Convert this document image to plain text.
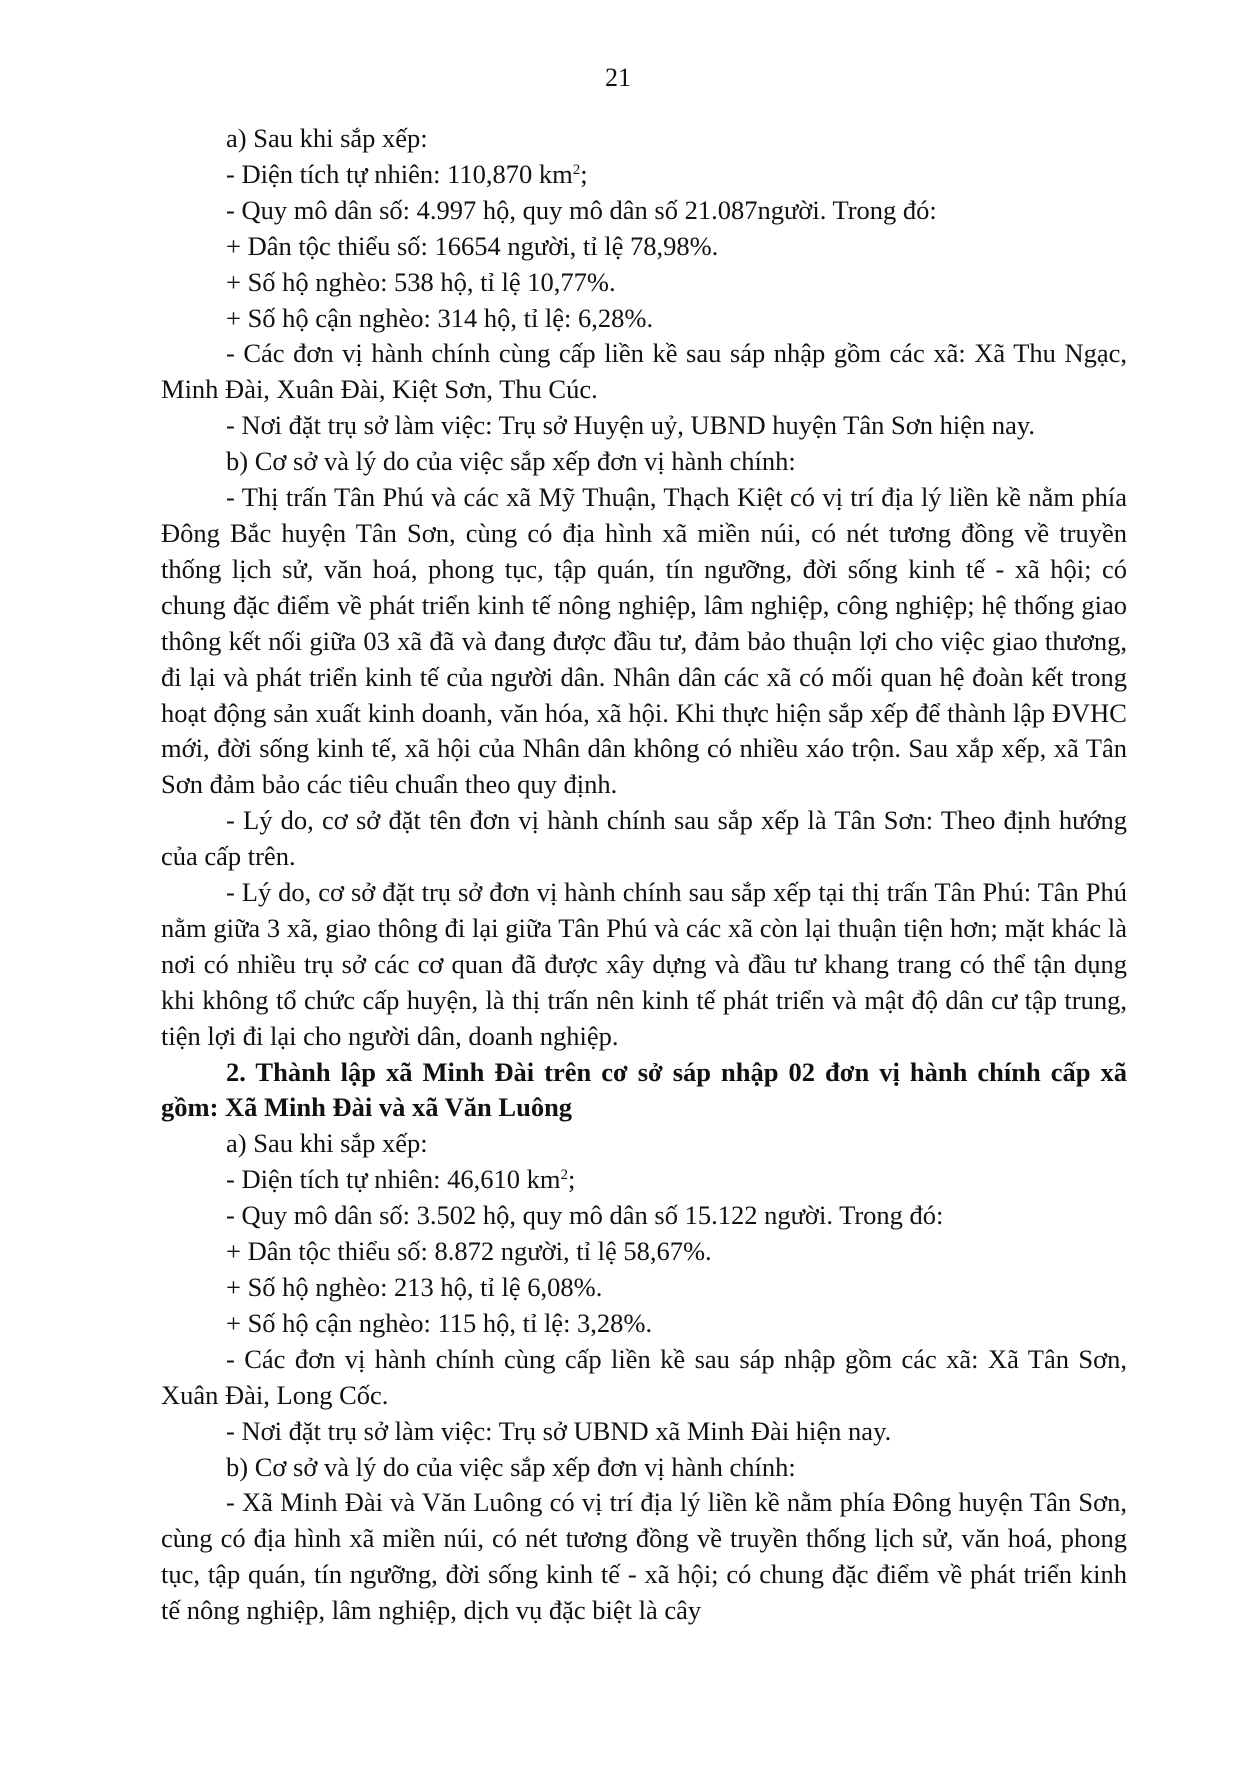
21

a) Sau khi sắp xếp:

- Diện tích tự nhiên: 110,870 $km^2$;

- Quy mô dân số: 4.997 hộ, quy mô dân số 21.087người. Trong đó:

+ Dân tộc thiểu số: 16654 người, tỉ lệ 78,98%.

+ Số hộ nghèo: 538 hộ, tỉ lệ 10,77%.

+ Số hộ cận nghèo: 314 hộ, tỉ lệ: 6,28%.

- Các đơn vị hành chính cùng cấp liền kề sau sáp nhập gồm các xã: Xã Thu Ngạc, Minh Đài, Xuân Đài, Kiệt Sơn, Thu Cúc.

- Nơi đặt trụ sở làm việc: Trụ sở Huyện uỷ, UBND huyện Tân Sơn hiện nay.

b) Cơ sở và lý do của việc sắp xếp đơn vị hành chính:

- Thị trấn Tân Phú và các xã Mỹ Thuận, Thạch Kiệt có vị trí địa lý liền kề nằm phía Đông Bắc huyện Tân Sơn, cùng có địa hình xã miền núi, có nét tương đồng về truyền thống lịch sử, văn hoá, phong tục, tập quán, tín ngưỡng, đời sống kinh tế - xã hội; có chung đặc điểm về phát triển kinh tế nông nghiệp, lâm nghiệp, công nghiệp; hệ thống giao thông kết nối giữa 03 xã đã và đang được đầu tư, đảm bảo thuận lợi cho việc giao thương, đi lại và phát triển kinh tế của người dân. Nhân dân các xã có mối quan hệ đoàn kết trong hoạt động sản xuất kinh doanh, văn hóa, xã hội. Khi thực hiện sắp xếp để thành lập ĐVHC mới, đời sống kinh tế, xã hội của Nhân dân không có nhiều xáo trộn. Sau xắp xếp, xã Tân Sơn đảm bảo các tiêu chuẩn theo quy định.

- Lý do, cơ sở đặt tên đơn vị hành chính sau sắp xếp là Tân Sơn: Theo định hướng của cấp trên.

- Lý do, cơ sở đặt trụ sở đơn vị hành chính sau sắp xếp tại thị trấn Tân Phú: Tân Phú nằm giữa 3 xã, giao thông đi lại giữa Tân Phú và các xã còn lại thuận tiện hơn; mặt khác là nơi có nhiều trụ sở các cơ quan đã được xây dựng và đầu tư khang trang có thể tận dụng khi không tổ chức cấp huyện, là thị trấn nên kinh tế phát triển và mật độ dân cư tập trung, tiện lợi đi lại cho người dân, doanh nghiệp.

2. Thành lập xã Minh Đài trên cơ sở sáp nhập 02 đơn vị hành chính cấp xã gồm: Xã Minh Đài và xã Văn Luông

a) Sau khi sắp xếp:

- Diện tích tự nhiên: 46,610 $km^2$;

- Quy mô dân số: 3.502 hộ, quy mô dân số 15.122 người. Trong đó:

+ Dân tộc thiểu số: 8.872 người, tỉ lệ 58,67%.

+ Số hộ nghèo: 213 hộ, tỉ lệ 6,08%.

+ Số hộ cận nghèo: 115 hộ, tỉ lệ: 3,28%.

- Các đơn vị hành chính cùng cấp liền kề sau sáp nhập gồm các xã: Xã Tân Sơn, Xuân Đài, Long Cốc.

- Nơi đặt trụ sở làm việc: Trụ sở UBND xã Minh Đài hiện nay.

b) Cơ sở và lý do của việc sắp xếp đơn vị hành chính:

- Xã Minh Đài và Văn Luông có vị trí địa lý liền kề nằm phía Đông huyện Tân Sơn, cùng có địa hình xã miền núi, có nét tương đồng về truyền thống lịch sử, văn hoá, phong tục, tập quán, tín ngưỡng, đời sống kinh tế - xã hội; có chung đặc điểm về phát triển kinh tế nông nghiệp, lâm nghiệp, dịch vụ đặc biệt là cây
